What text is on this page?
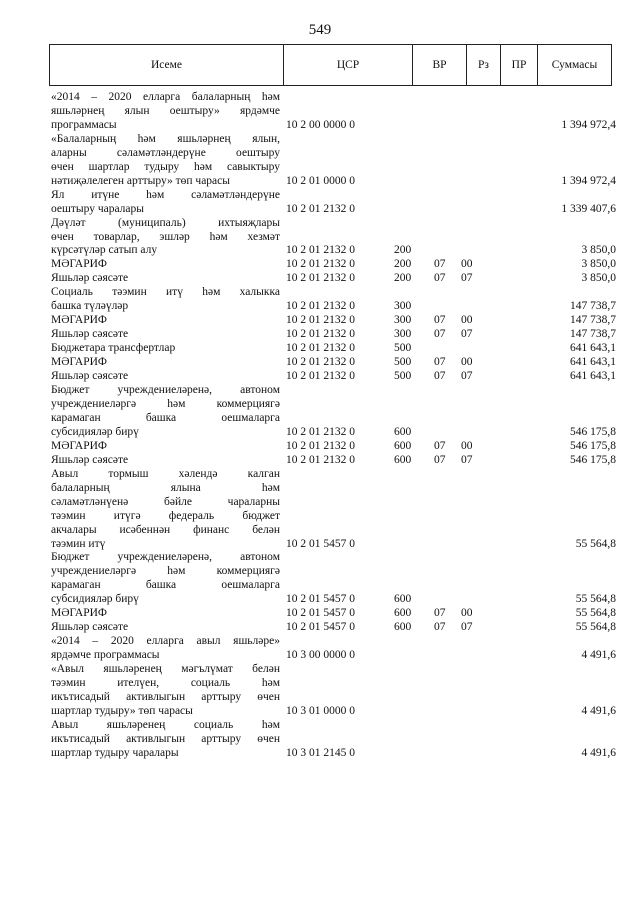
549
Исеме	ЦСР	ВР	Рз	ПР	Суммасы
«2014 – 2020 елларга балаларның һәм
яшьләрнең ялын оештыру» ярдәмче
программасы	10 2 00 0000 0	1 394 972,4
«Балаларның һәм яшьләрнең ялын,
аларны сәламәтләндерүне оештыру
өчен шартлар тудыру һәм савыктыру
нәтиҗәлелеген арттыру» төп чарасы	10 2 01 0000 0	1 394 972,4
Ял итүне һәм сәламәтләндерүне
оештыру чаралары	10 2 01 2132 0	1 339 407,6
Дәүләт (муниципаль) ихтыяҗлары
өчен товарлар, эшләр һәм хезмәт
күрсәтүләр сатып алу	10 2 01 2132 0	200	3 850,0
МӘГАРИФ	10 2 01 2132 0	200 07 00	3 850,0
Яшьләр сәясәте	10 2 01 2132 0	200 07 07	3 850,0
Социаль тәэмин итү һәм халыкка
башка түләүләр	10 2 01 2132 0	300	147 738,7
МӘГАРИФ	10 2 01 2132 0	300 07 00	147 738,7
Яшьләр сәясәте	10 2 01 2132 0	300 07 07	147 738,7
Бюджетара трансфертлар	10 2 01 2132 0	500	641 643,1
МӘГАРИФ	10 2 01 2132 0	500 07 00	641 643,1
Яшьләр сәясәте	10 2 01 2132 0	500 07 07	641 643,1
Бюджет учреждениеләренә, автоном
учреждениеләргә һәм коммерциягә
карамаган башка оешмаларга
субсидияләр бирү	10 2 01 2132 0	600	546 175,8
МӘГАРИФ	10 2 01 2132 0	600 07 00	546 175,8
Яшьләр сәясәте	10 2 01 2132 0	600 07 07	546 175,8
Авыл тормыш хәлендә калган
балаларның ялына һәм
сәламәтләнүенә бәйле чараларны
тәэмин итүгә федераль бюджет
акчалары исәбеннән финанс белән
тәэмин итү	10 2 01 5457 0	55 564,8
Бюджет учреждениеләренә, автоном
учреждениеләргә һәм коммерциягә
карамаган башка оешмаларга
субсидияләр бирү	10 2 01 5457 0	600	55 564,8
МӘГАРИФ	10 2 01 5457 0	600 07 00	55 564,8
Яшьләр сәясәте	10 2 01 5457 0	600 07 07	55 564,8
«2014 – 2020 елларга авыл яшьләре»
ярдәмче программасы	10 3 00 0000 0	4 491,6
«Авыл яшьләренең мәгълүмат белән
тәэмин ителүен, социаль һәм
икътисадый активлыгын арттыру өчен
шартлар тудыру» төп чарасы	10 3 01 0000 0	4 491,6
Авыл яшьләренең социаль һәм
икътисадый активлыгын арттыру өчен
шартлар тудыру чаралары	10 3 01 2145 0	4 491,6
